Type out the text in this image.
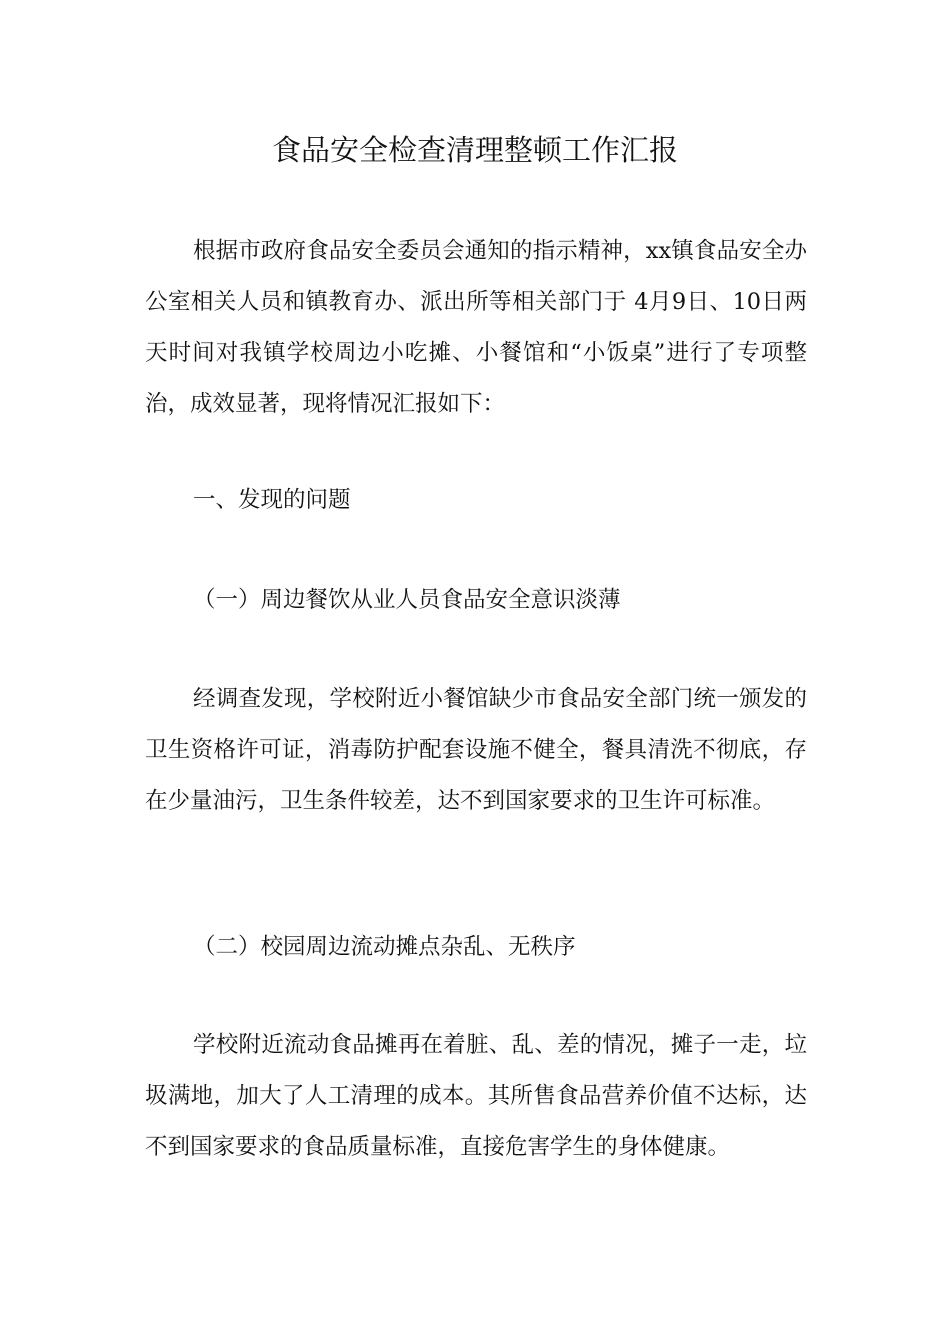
食品安全检查清理整顿工作汇报

根据市政府食品安全委员会通知的指示精神，xx镇食品安全办公室相关人员和镇教育办、派出所等相关部门于 4月9日、10日两天时间对我镇学校周边小吃摊、小餐馆和“小饭桌”进行了专项整治，成效显著，现将情况汇报如下：

一、发现的问题

（一）周边餐饮从业人员食品安全意识淡薄

经调查发现，学校附近小餐馆缺少市食品安全部门统一颁发的卫生资格许可证，消毒防护配套设施不健全，餐具清洗不彻底，存在少量油污，卫生条件较差，达不到国家要求的卫生许可标准。

（二）校园周边流动摊点杂乱、无秩序

学校附近流动食品摊再在着脏、乱、差的情况，摊子一走，垃圾满地，加大了人工清理的成本。其所售食品营养价值不达标，达不到国家要求的食品质量标准，直接危害学生的身体健康。
